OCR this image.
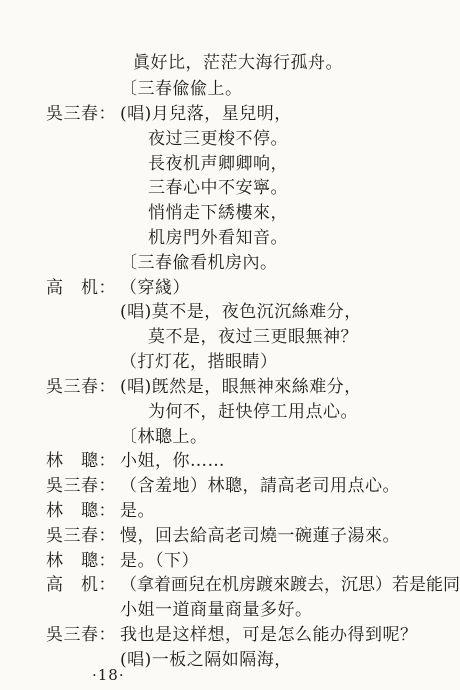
眞好比，茫茫大海行孤舟。
〔三春偸偸上。
吳三春： (唱)月兒落，星兒明，
夜过三更梭不停。
長夜机声卿卿响，
三春心中不安寧。
悄悄走下綉樓來，
机房門外看知音。
〔三春偸看机房內。
高　机： （穿綫）
(唱)莫不是，夜色沉沉絲难分，
莫不是，夜过三更眼無神？
（打灯花，揩眼睛）
吳三春： (唱)旣然是，眼無神來絲难分，
为何不，赶快停工用点心。
〔林聰上。
林　聰： 小姐，你……
吳三春： （含羞地）林聰，請高老司用点心。
林　聰： 是。
吳三春： 慢，回去給高老司燒一碗蓮子湯來。
林　聰： 是。（下）
高　机： （拿着画兒在机房踱來踱去，沉思）若是能同
小姐一道商量商量多好。
吳三春： 我也是这样想，可是怎么能办得到呢？
(唱)一板之隔如隔海，
·18·
